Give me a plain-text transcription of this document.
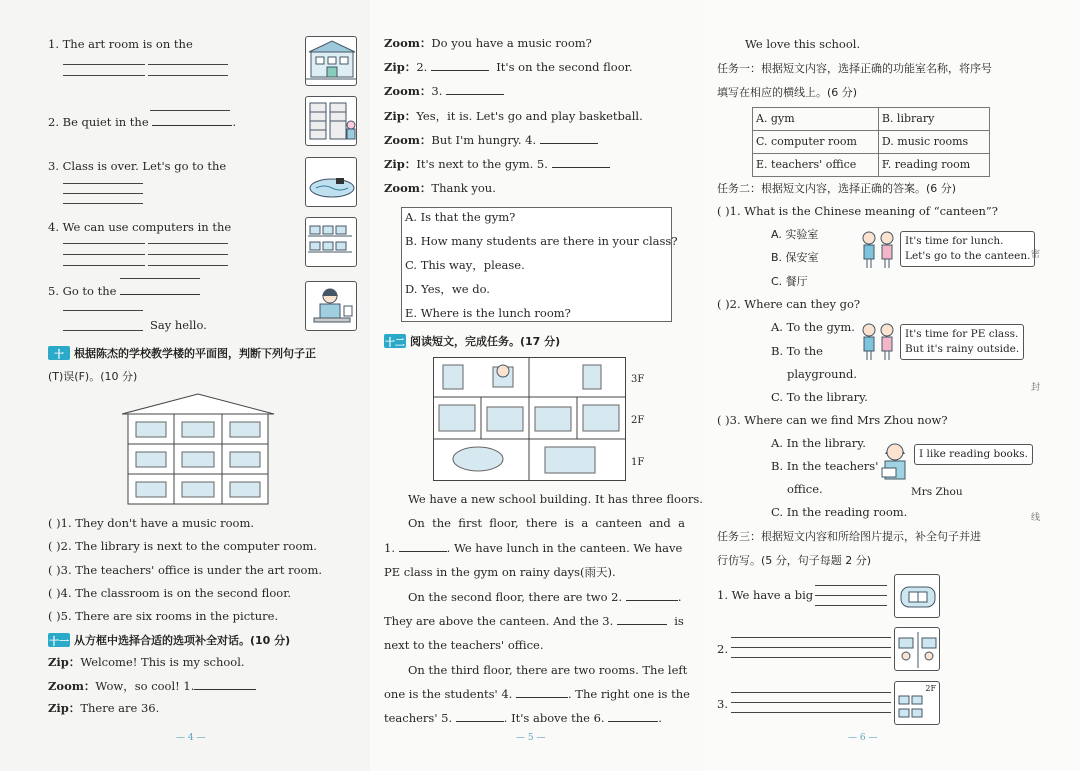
1. The art room is on the
2. Be quiet in the	.
3. Class is over. Let's go to the
4. We can use computers in the
5. Go to the
Say hello.
十 根据陈杰的学校教学楼的平面图，判断下列句子正
(T)误(F)。(10 分)
( )1. They don't have a music room.
( )2. The library is next to the computer room.
( )3. The teachers' office is under the art room.
( )4. The classroom is on the second floor.
( )5. There are six rooms in the picture.
十一 从方框中选择合适的选项补全对话。(10 分)
Zip：Welcome! This is my school.
Zoom：Wow，so cool! 1.
Zip：There are 36.
— 4 —
Zoom：Do you have a music room?
Zip：2.	It's on the second floor.
Zoom：3.
Zip：Yes，it is. Let's go and play basketball.
Zoom：But I'm hungry. 4.
Zip：It's next to the gym. 5.
Zoom：Thank you.
A. Is that the gym?
B. How many students are there in your class?
C. This way，please.
D. Yes，we do.
E. Where is the lunch room?
十二 阅读短文，完成任务。(17 分)
3F
2F
1F
We have a new school building. It has three floors.
On  the  first  floor,  there  is  a  canteen  and  a
1.	. We have lunch in the canteen. We have
PE class in the gym on rainy days(雨天).
On the second floor, there are two 2.	.
They are above the canteen. And the 3.	is
next to the teachers' office.
On the third floor, there are two rooms. The left
one is the students' 4.	. The right one is the
teachers' 5.	. It's above the 6.	.
— 5 —
We love this school.
任务一：根据短文内容，选择正确的功能室名称，将序号
填写在相应的横线上。(6 分)
A. gym	B. library
C. computer room	D. music rooms
E. teachers' office	F. reading room
任务二：根据短文内容，选择正确的答案。(6 分)
( )1. What is the Chinese meaning of “canteen”?
A. 实验室
B. 保安室
C. 餐厅
It's time for lunch.
Let's go to the canteen.
( )2. Where can they go?
A. To the gym.
B. To the
playground.
C. To the library.
It's time for PE class.
But it's rainy outside.
( )3. Where can we find Mrs Zhou now?
A. In the library.
B. In the teachers'
office.
C. In the reading room.
I like reading books.
Mrs Zhou
任务三：根据短文内容和所给图片提示，补全句子并进
行仿写。(5 分，句子每题 2 分)
1. We have a big
2.
3.
2F
密
封
线
— 6 —
